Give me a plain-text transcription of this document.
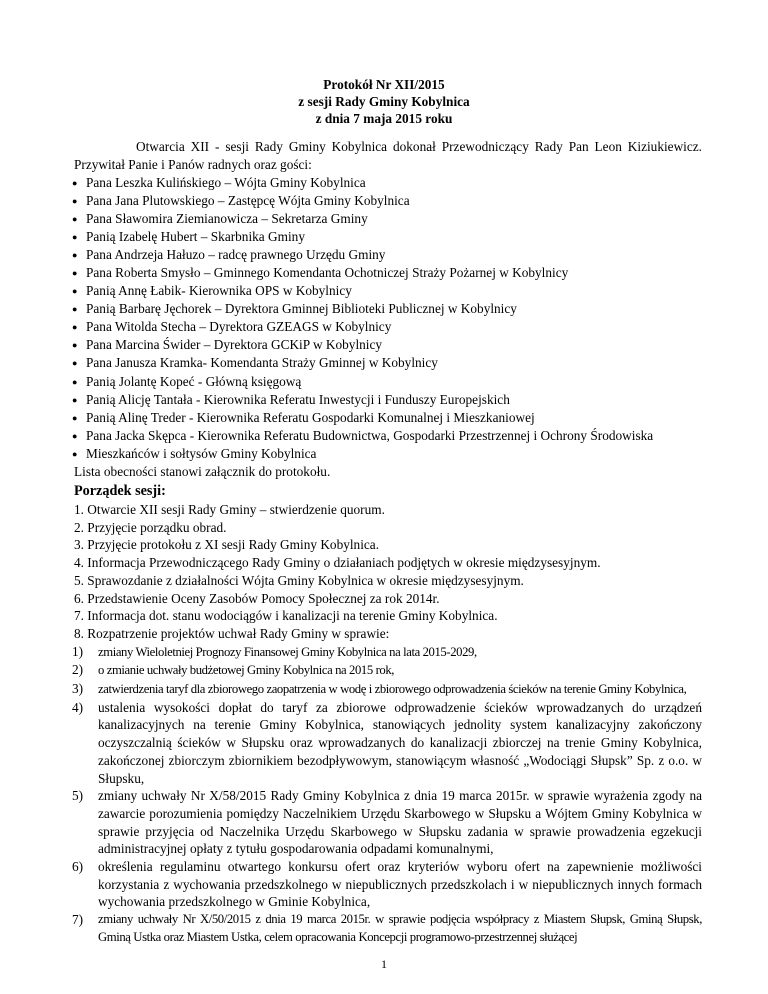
Protokół Nr XII/2015
z sesji Rady Gminy Kobylnica
z dnia 7 maja 2015 roku

Otwarcia XII - sesji Rady Gminy Kobylnica dokonał Przewodniczący Rady Pan Leon Kiziukiewicz.

Przywitał Panie i Panów radnych oraz gości:

● Pana Leszka Kulińskiego – Wójta Gminy Kobylnica
● Pana Jana Plutowskiego – Zastępcę Wójta Gminy Kobylnica
● Pana Sławomira Ziemianowicza – Sekretarza Gminy
● Panią Izabelę Hubert – Skarbnika Gminy
● Pana Andrzeja Hałuzo – radcę prawnego Urzędu Gminy
● Pana Roberta Smysło – Gminnego Komendanta Ochotniczej Straży Pożarnej w Kobylnicy
● Panią Annę Łabik- Kierownika OPS w Kobylnicy
● Panią Barbarę Jęchorek – Dyrektora Gminnej Biblioteki Publicznej w Kobylnicy
● Pana Witolda Stecha – Dyrektora GZEAGS w Kobylnicy
● Pana Marcina Świder – Dyrektora GCKiP w Kobylnicy
● Pana Janusza Kramka- Komendanta Straży Gminnej w Kobylnicy
● Panią Jolantę Kopeć - Główną księgową
● Panią Alicję Tantała - Kierownika Referatu Inwestycji i Funduszy Europejskich
● Panią Alinę Treder - Kierownika Referatu Gospodarki Komunalnej i Mieszkaniowej
● Pana Jacka Skępca - Kierownika Referatu Budownictwa, Gospodarki Przestrzennej i Ochrony Środowiska
● Mieszkańców i sołtysów Gminy Kobylnica

Lista obecności stanowi załącznik do protokołu.

Porządek sesji:
1. Otwarcie XII sesji Rady Gminy – stwierdzenie quorum.
2. Przyjęcie porządku obrad.
3. Przyjęcie protokołu z XI sesji Rady Gminy Kobylnica.
4. Informacja Przewodniczącego Rady Gminy o działaniach podjętych w okresie międzysesyjnym.
5. Sprawozdanie z działalności Wójta Gminy Kobylnica w okresie międzysesyjnym.
6. Przedstawienie Oceny Zasobów Pomocy Społecznej za rok 2014r.
7. Informacja dot. stanu wodociągów i kanalizacji na terenie Gminy Kobylnica.
8. Rozpatrzenie projektów uchwał Rady Gminy w sprawie:
1) zmiany Wieloletniej Prognozy Finansowej Gminy Kobylnica na lata 2015-2029,
2) o zmianie uchwały budżetowej Gminy Kobylnica na 2015 rok,
3) zatwierdzenia taryf dla zbiorowego zaopatrzenia w wodę i zbiorowego odprowadzenia ścieków na terenie Gminy Kobylnica,
4) ustalenia wysokości dopłat do taryf za zbiorowe odprowadzenie ścieków wprowadzanych do urządzeń kanalizacyjnych na terenie Gminy Kobylnica, stanowiących jednolity system kanalizacyjny zakończony oczyszczalnią ścieków w Słupsku oraz wprowadzanych do kanalizacji zbiorczej na trenie Gminy Kobylnica, zakończonej zbiorczym zbiornikiem bezodpływowym, stanowiącym własność „Wodociągi Słupsk” Sp. z o.o. w Słupsku,
5) zmiany uchwały Nr X/58/2015 Rady Gminy Kobylnica z dnia 19 marca 2015r. w sprawie wyrażenia zgody na zawarcie porozumienia pomiędzy Naczelnikiem Urzędu Skarbowego w Słupsku a Wójtem Gminy Kobylnica w sprawie przyjęcia od Naczelnika Urzędu Skarbowego w Słupsku zadania w sprawie prowadzenia egzekucji administracyjnej opłaty z tytułu gospodarowania odpadami komunalnymi,
6) określenia regulaminu otwartego konkursu ofert oraz kryteriów wyboru ofert na zapewnienie możliwości korzystania z wychowania przedszkolnego w niepublicznych przedszkolach i w niepublicznych innych formach wychowania przedszkolnego w Gminie Kobylnica,
7) zmiany uchwały Nr X/50/2015 z dnia 19 marca 2015r. w sprawie podjęcia współpracy z Miastem Słupsk, Gminą Słupsk, Gminą Ustka oraz Miastem Ustka, celem opracowania Koncepcji programowo-przestrzennej służącej
1
